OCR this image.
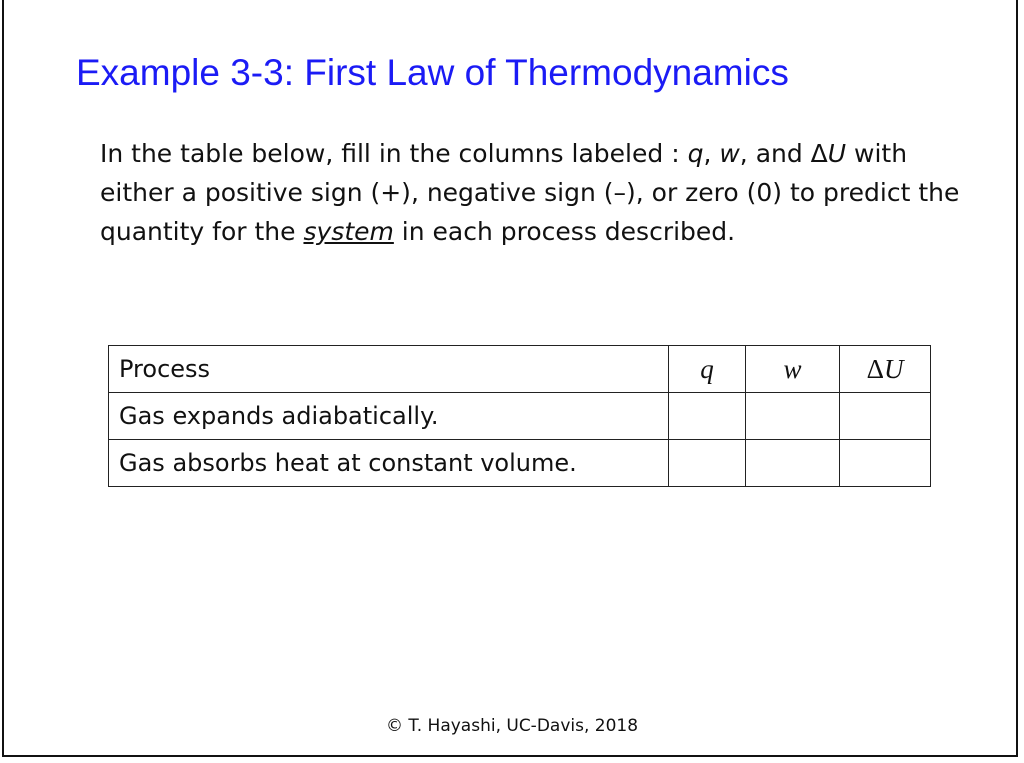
Example 3-3: First Law of Thermodynamics

In the table below, fill in the columns labeled : q, w, and ΔU with either a positive sign (+), negative sign (–), or zero (0) to predict the quantity for the system in each process described.

Process	q	w	ΔU
Gas expands adiabatically.			
Gas absorbs heat at constant volume.			
© T. Hayashi, UC-Davis, 2018
